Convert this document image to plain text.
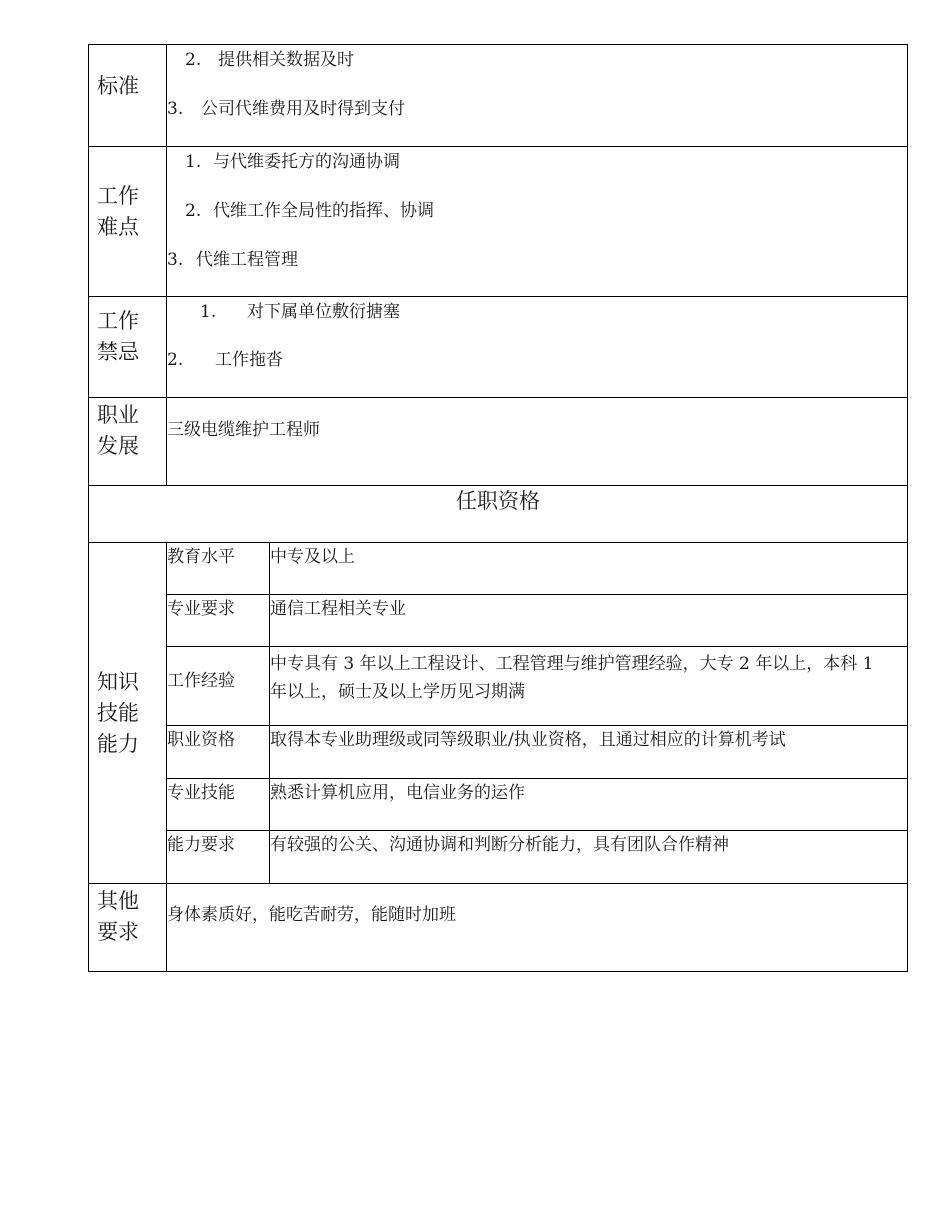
标准	2. 提供相关数据及时
3. 公司代维费用及时得到支付	

工作难点	1. 与代维委托方的沟通协调
2. 代维工作全局性的指挥、协调
3. 代维工程管理	

工作禁忌	1. 对下属单位敷衍搪塞
2. 工作拖沓	

职业发展	三级电缆维护工程师	

任职资格		

知识技能能力	教育水平	中专及以上
	专业要求	通信工程相关专业
	工作经验	中专具有 3 年以上工程设计、工程管理与维护管理经验，大专 2 年以上，本科 1 年以上，硕士及以上学历见习期满
	职业资格	取得本专业助理级或同等级职业/执业资格，且通过相应的计算机考试
	专业技能	熟悉计算机应用，电信业务的运作
	能力要求	有较强的公关、沟通协调和判断分析能力，具有团队合作精神

其他要求	身体素质好，能吃苦耐劳，能随时加班	
